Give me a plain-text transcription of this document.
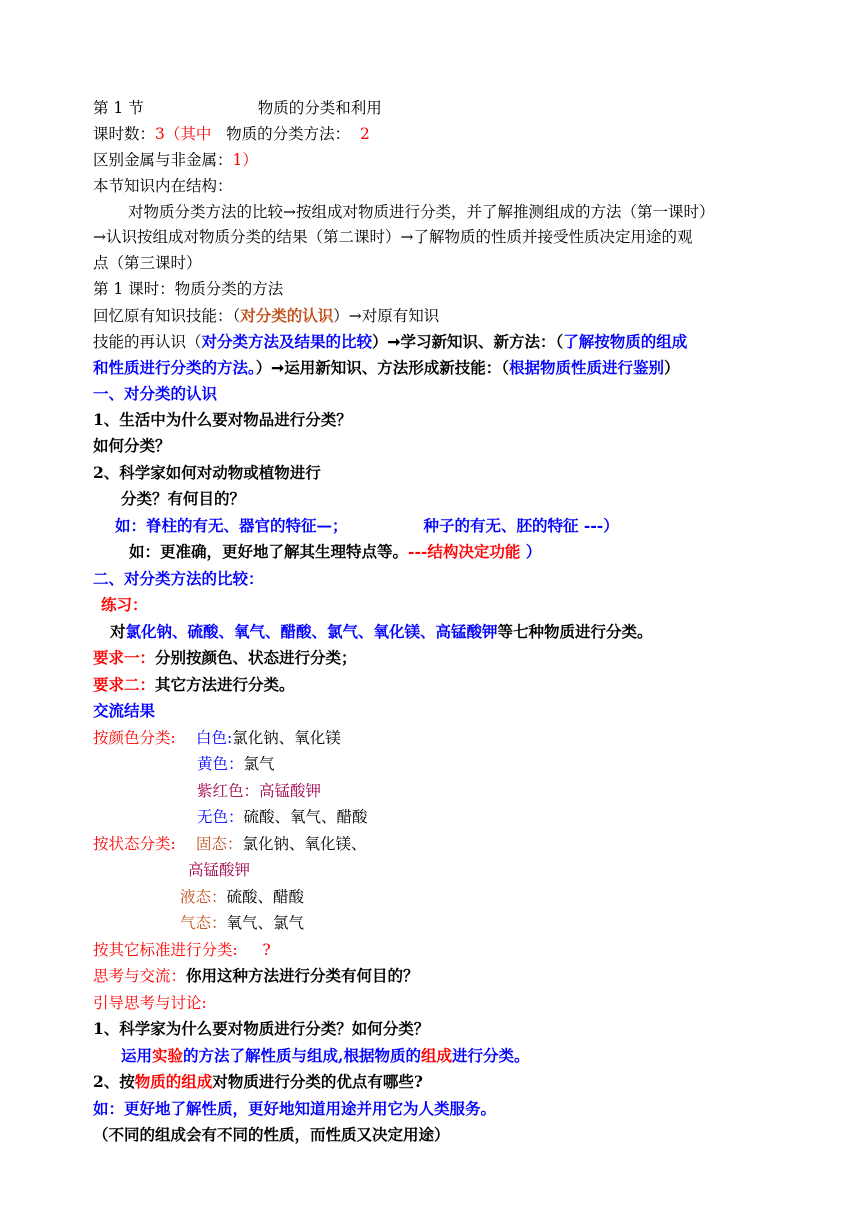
第 1 节	物质的分类和利用
课时数：3（其中 物质的分类方法： 2
区别金属与非金属：1）
本节知识内在结构：
对物质分类方法的比较→按组成对物质进行分类，并了解推测组成的方法（第一课时）
→认识按组成对物质分类的结果（第二课时）→了解物质的性质并接受性质决定用途的观
点（第三课时）
第 1 课时：物质分类的方法
回忆原有知识技能：（对分类的认识）→对原有知识
技能的再认识（对分类方法及结果的比较）➞学习新知识、新方法：（了解按物质的组成
和性质进行分类的方法。）➞运用新知识、方法形成新技能：（根据物质性质进行鉴别）
一、对分类的认识
1、生活中为什么要对物品进行分类？
如何分类？
2、科学家如何对动物或植物进行
分类？有何目的？
如：脊柱的有无、器官的特征—；	种子的有无、胚的特征 ---）
如：更准确，更好地了解其生理特点等。---结构决定功能 ）
二、对分类方法的比较：
练习：
对氯化钠、硫酸、氧气、醋酸、氯气、氧化镁、高锰酸钾等七种物质进行分类。
要求一：分别按颜色、状态进行分类；
要求二：其它方法进行分类。
交流结果
按颜色分类: 白色:氯化钠、氧化镁
黄色：氯气
紫红色：高锰酸钾
无色：硫酸、氧气、醋酸
按状态分类: 固态：氯化钠、氧化镁、
高锰酸钾
液态：硫酸、醋酸
气态：氧气、氯气
按其它标准进行分类: ?
思考与交流：你用这种方法进行分类有何目的？
引导思考与讨论:
1、科学家为什么要对物质进行分类？如何分类？
运用实验的方法了解性质与组成,根据物质的组成进行分类。
2、按物质的组成对物质进行分类的优点有哪些?
如：更好地了解性质，更好地知道用途并用它为人类服务。
（不同的组成会有不同的性质，而性质又决定用途）
